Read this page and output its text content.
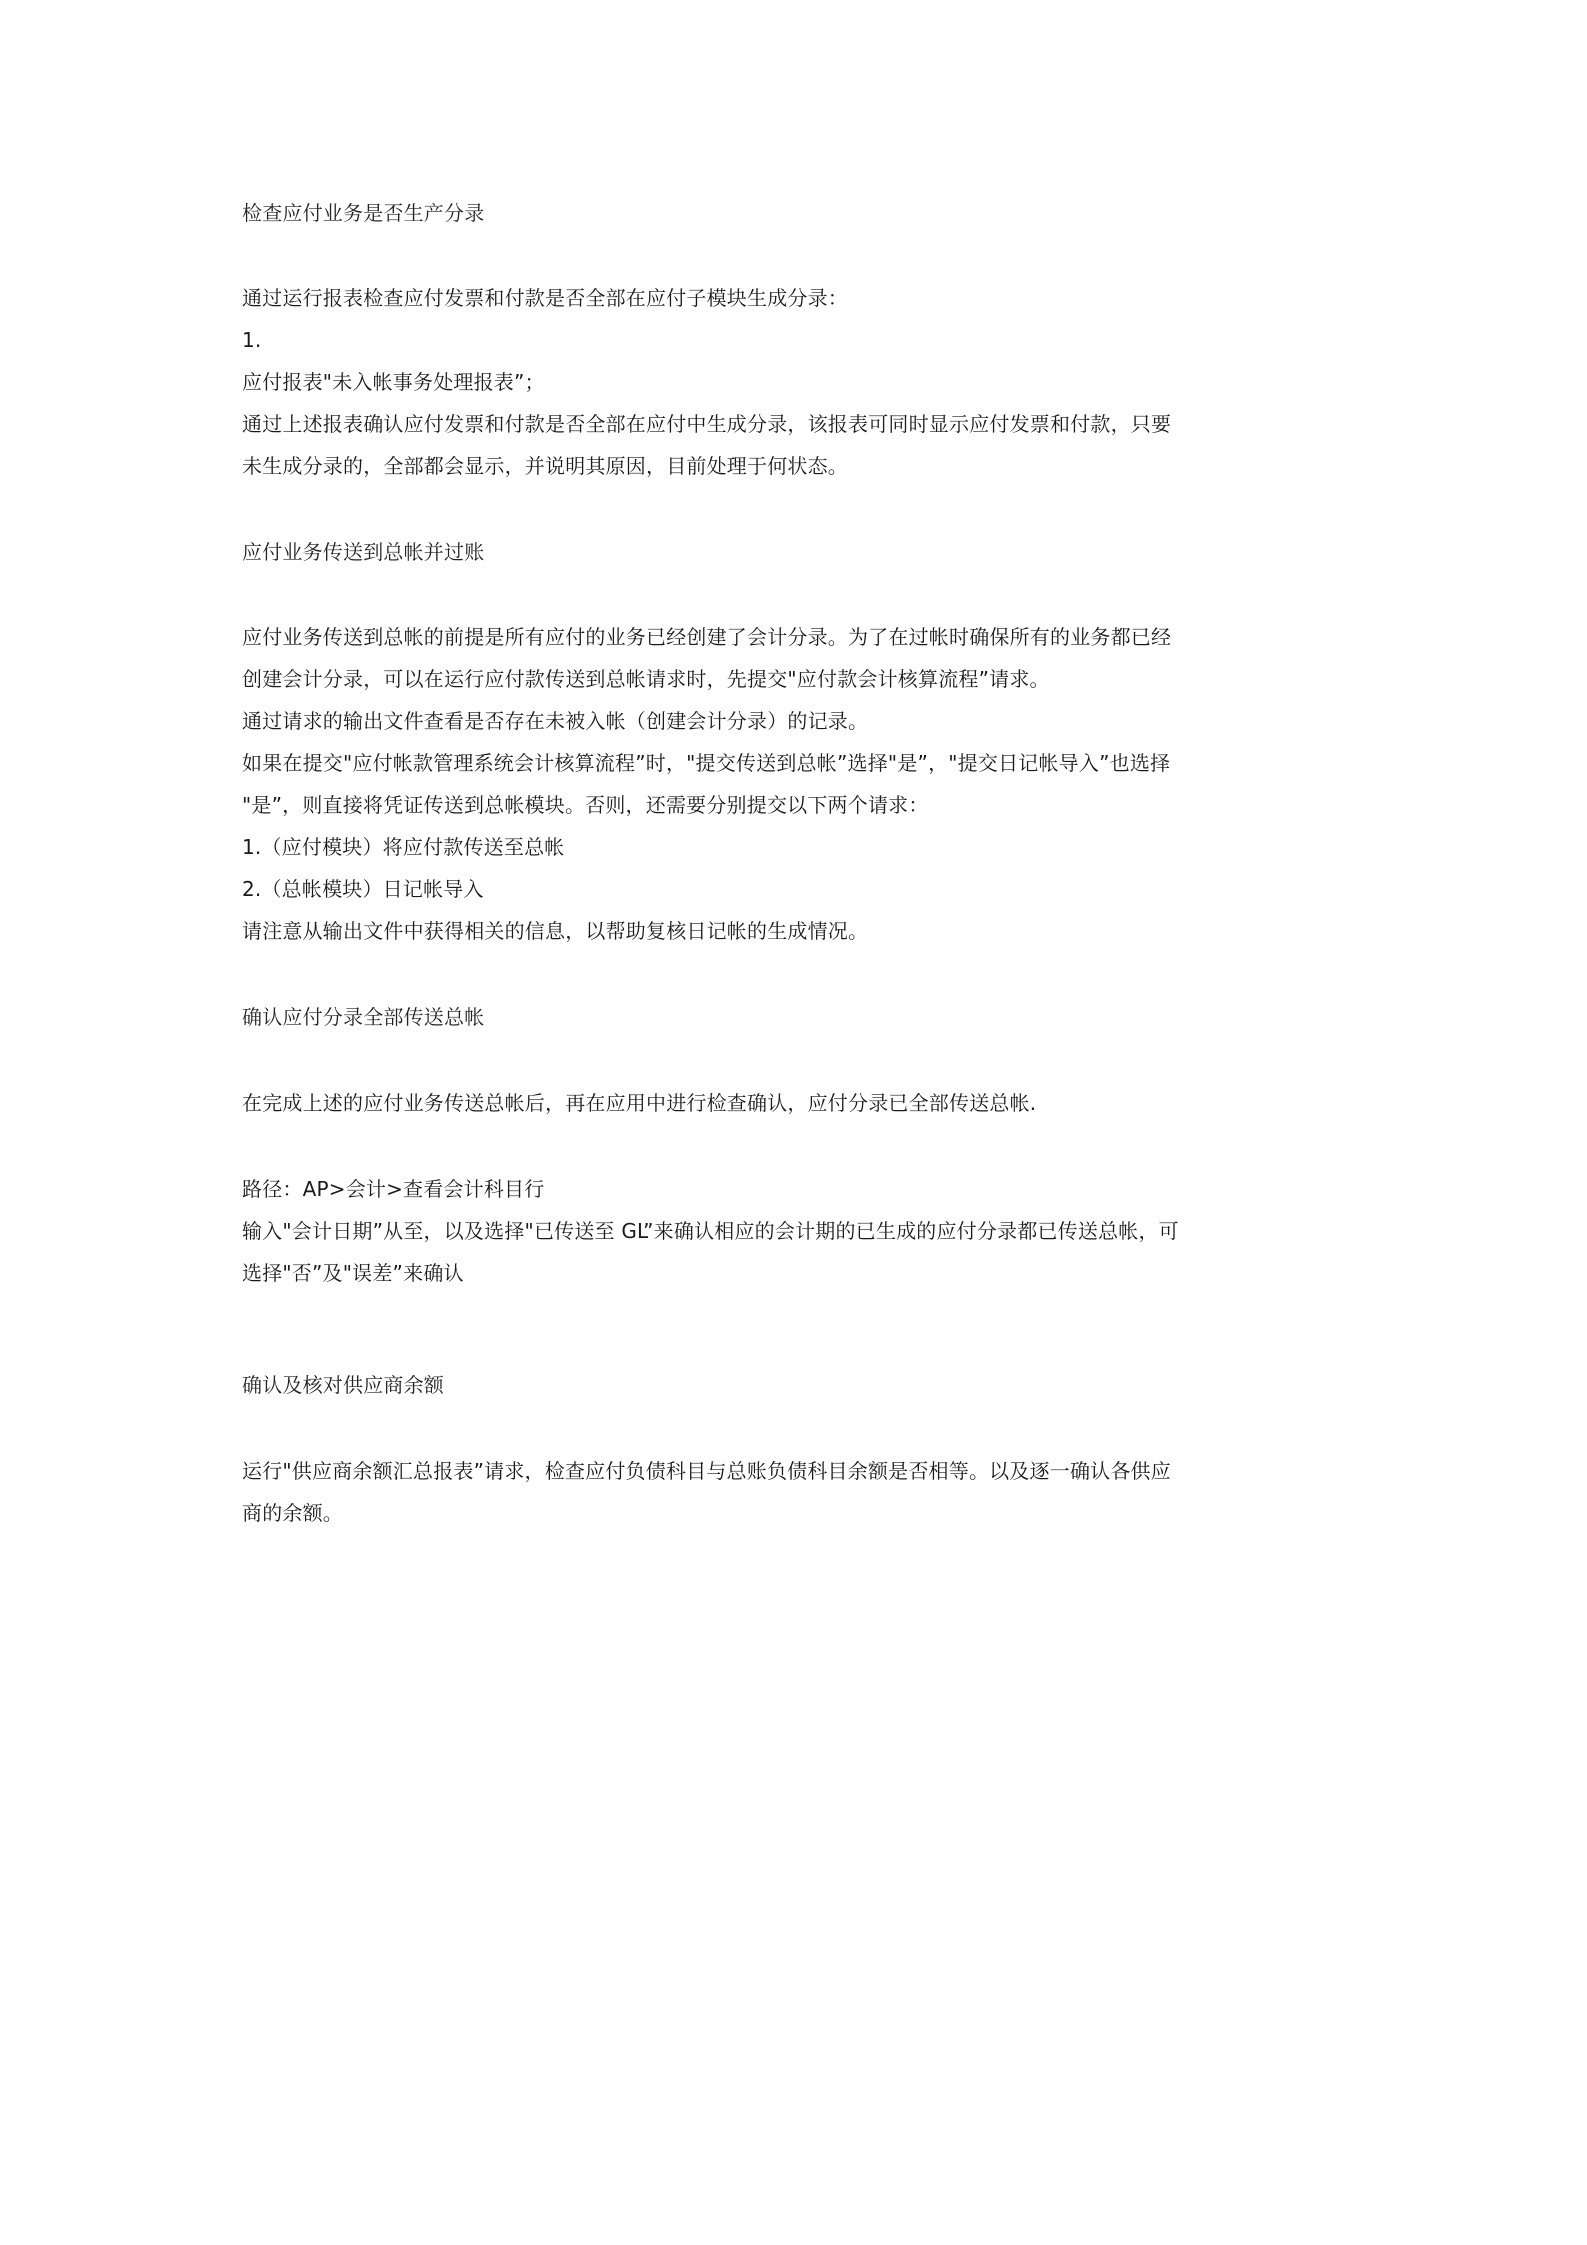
检查应付业务是否生产分录
通过运行报表检查应付发票和付款是否全部在应付子模块生成分录：
1.
应付报表"未入帐事务处理报表”；
通过上述报表确认应付发票和付款是否全部在应付中生成分录，该报表可同时显示应付发票和付款，只要
未生成分录的，全部都会显示，并说明其原因，目前处理于何状态。
应付业务传送到总帐并过账
应付业务传送到总帐的前提是所有应付的业务已经创建了会计分录。为了在过帐时确保所有的业务都已经
创建会计分录，可以在运行应付款传送到总帐请求时，先提交"应付款会计核算流程”请求。
通过请求的输出文件查看是否存在未被入帐（创建会计分录）的记录。
如果在提交"应付帐款管理系统会计核算流程”时，"提交传送到总帐”选择"是”，"提交日记帐导入”也选择
"是”，则直接将凭证传送到总帐模块。否则，还需要分别提交以下两个请求：
1.（应付模块）将应付款传送至总帐
2.（总帐模块）日记帐导入
请注意从输出文件中获得相关的信息，以帮助复核日记帐的生成情况。
确认应付分录全部传送总帐
在完成上述的应付业务传送总帐后，再在应用中进行检查确认，应付分录已全部传送总帐.
路径：AP>会计>查看会计科目行
输入"会计日期”从至，以及选择"已传送至 GL”来确认相应的会计期的已生成的应付分录都已传送总帐，可
选择"否”及"误差”来确认
确认及核对供应商余额
运行"供应商余额汇总报表”请求，检查应付负债科目与总账负债科目余额是否相等。以及逐一确认各供应
商的余额。
